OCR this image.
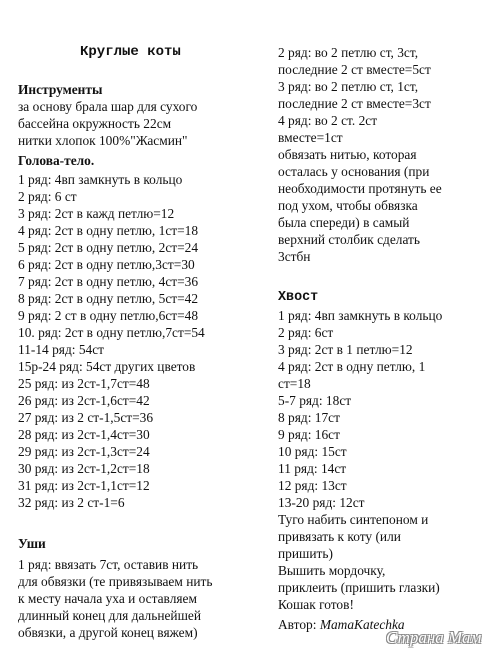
Круглые коты
Инструменты
за основу брала шар для сухого
бассейна окружность 22см
нитки хлопок 100%"Жасмин"
Голова-тело.
1 ряд: 4вп замкнуть в кольцо
2 ряд: 6 ст
3 ряд: 2ст в кажд петлю=12
4 ряд: 2ст в одну петлю, 1ст=18
5 ряд: 2ст в одну петлю, 2ст=24
6 ряд: 2ст в одну петлю,3ст=30
7 ряд: 2ст в одну петлю, 4ст=36
8 ряд: 2ст в одну петлю, 5ст=42
9 ряд: 2 ст в одну петлю,6ст=48
10. ряд: 2ст в одну петлю,7ст=54
11-14 ряд: 54ст
15р-24 ряд: 54ст других цветов
25 ряд: из 2ст-1,7ст=48
26 ряд: из 2ст-1,6ст=42
27 ряд: из 2 ст-1,5ст=36
28 ряд: из 2ст-1,4ст=30
29 ряд: из 2ст-1,3ст=24
30 ряд: из 2ст-1,2ст=18
31 ряд: из 2ст-1,1ст=12
32 ряд: из 2 ст-1=6
Уши
1 ряд: ввязать 7ст, оставив нить
для обвязки (те привязываем нить
к месту начала уха и оставляем
длинный конец для дальнейшей
обвязки, а другой конец вяжем)
2 ряд: во 2 петлю ст, 3ст,
последние 2 ст вместе=5ст
3 ряд: во 2 петлю ст, 1ст,
последние 2 ст вместе=3ст
4 ряд: во 2 ст. 2ст
вместе=1ст
обвязать нитью, которая
осталась у основания (при
необходимости протянуть ее
под ухом, чтобы обвязка
была спереди) в самый
верхний столбик сделать
3стбн
Хвост
1 ряд: 4вп замкнуть в кольцо
2 ряд: 6ст
3 ряд: 2ст в 1 петлю=12
4 ряд: 2ст в одну петлю, 1
ст=18
5-7 ряд: 18ст
8 ряд: 17ст
9 ряд: 16ст
10 ряд: 15ст
11 ряд: 14ст
12 ряд: 13ст
13-20 ряд: 12ст
Туго набить синтепоном и
привязать к коту (или
пришить)
Вышить мордочку,
приклеить (пришить глазки)
Кошак готов!
Автор: MamaKatechka
Страна Мам
